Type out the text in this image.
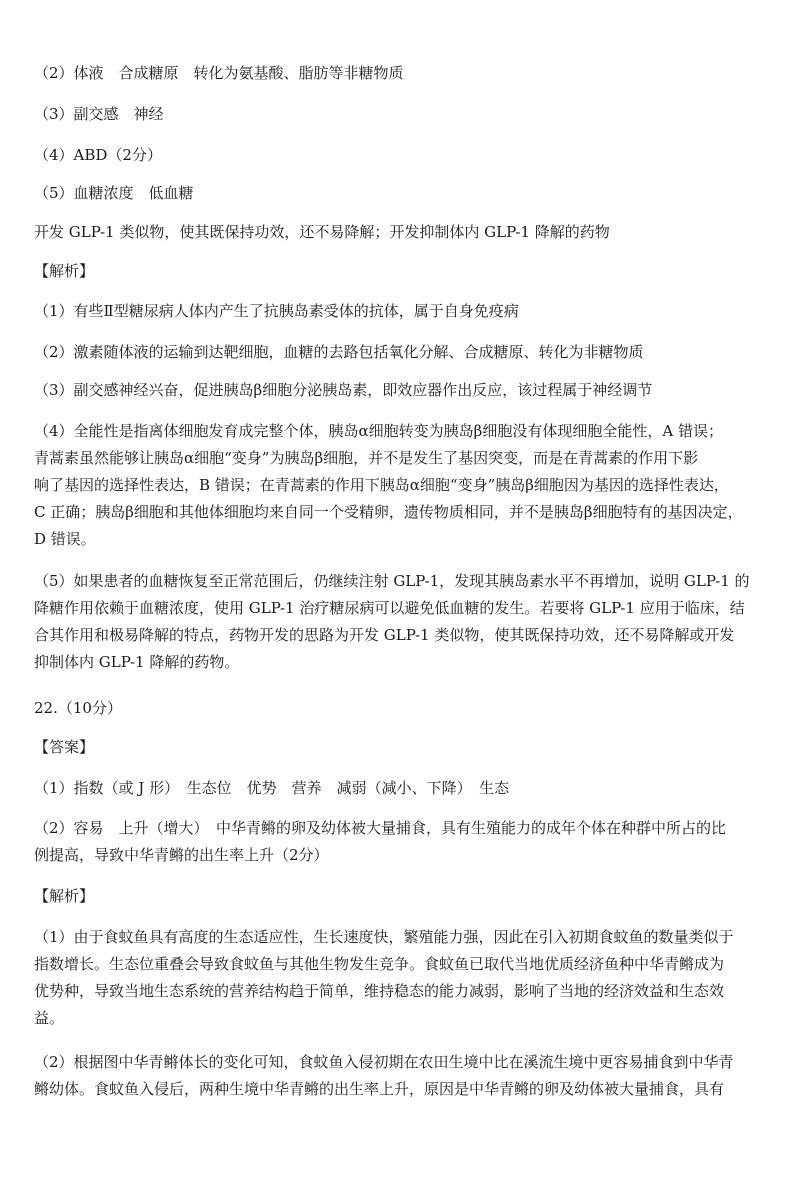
（2）体液　合成糖原　转化为氨基酸、脂肪等非糖物质
（3）副交感　神经
（4）ABD（2分）
（5）血糖浓度　低血糖
开发 GLP-1 类似物，使其既保持功效，还不易降解；开发抑制体内 GLP-1 降解的药物
【解析】
（1）有些Ⅱ型糖尿病人体内产生了抗胰岛素受体的抗体，属于自身免疫病
（2）激素随体液的运输到达靶细胞，血糖的去路包括氧化分解、合成糖原、转化为非糖物质
（3）副交感神经兴奋，促进胰岛β细胞分泌胰岛素，即效应器作出反应，该过程属于神经调节
（4）全能性是指离体细胞发育成完整个体，胰岛α细胞转变为胰岛β细胞没有体现细胞全能性，A 错误；
青蒿素虽然能够让胰岛α细胞“变身”为胰岛β细胞，并不是发生了基因突变，而是在青蒿素的作用下影
响了基因的选择性表达，B 错误；在青蒿素的作用下胰岛α细胞“变身”胰岛β细胞因为基因的选择性表达，
C 正确；胰岛β细胞和其他体细胞均来自同一个受精卵，遗传物质相同，并不是胰岛β细胞特有的基因决定，
D 错误。
（5）如果患者的血糖恢复至正常范围后，仍继续注射 GLP-1，发现其胰岛素水平不再增加，说明 GLP-1 的
降糖作用依赖于血糖浓度，使用 GLP-1 治疗糖尿病可以避免低血糖的发生。若要将 GLP-1 应用于临床，结
合其作用和极易降解的特点，药物开发的思路为开发 GLP-1 类似物，使其既保持功效，还不易降解或开发
抑制体内 GLP-1 降解的药物。
22.（10分）
【答案】
（1）指数（或 J 形）　生态位　优势　营养　减弱（减小、下降）　生态
（2）容易　上升（增大）　中华青鳉的卵及幼体被大量捕食，具有生殖能力的成年个体在种群中所占的比
例提高，导致中华青鳉的出生率上升（2分）
【解析】
（1）由于食蚊鱼具有高度的生态适应性，生长速度快，繁殖能力强，因此在引入初期食蚊鱼的数量类似于
指数增长。生态位重叠会导致食蚊鱼与其他生物发生竞争。食蚊鱼已取代当地优质经济鱼种中华青鳉成为
优势种，导致当地生态系统的营养结构趋于简单，维持稳态的能力减弱，影响了当地的经济效益和生态效
益。
（2）根据图中华青鳉体长的变化可知，食蚊鱼入侵初期在农田生境中比在溪流生境中更容易捕食到中华青
鳉幼体。食蚊鱼入侵后，两种生境中华青鳉的出生率上升，原因是中华青鳉的卵及幼体被大量捕食，具有
